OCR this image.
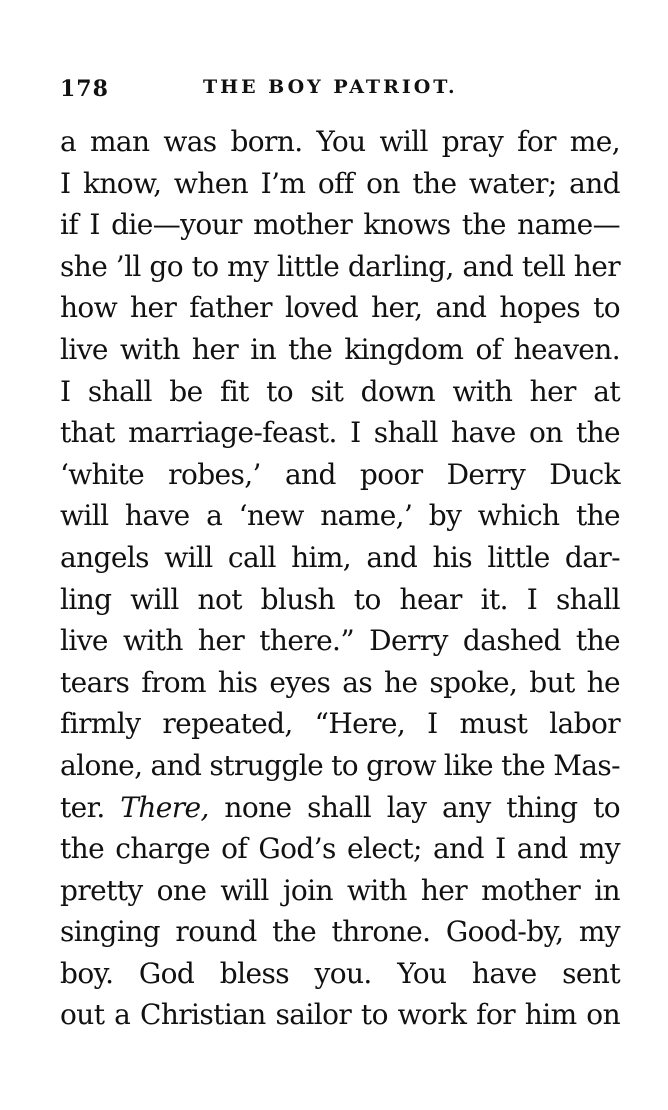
178	THE BOY PATRIOT.
a man was born. You will pray for me,
I know, when I’m off on the water; and
if I die—your mother knows the name—
she ’ll go to my little darling, and tell her
how her father loved her, and hopes to
live with her in the kingdom of heaven.
I shall be fit to sit down with her at
that marriage-feast. I shall have on the
‘white robes,’ and poor Derry Duck
will have a ‘new name,’ by which the
angels will call him, and his little dar-
ling will not blush to hear it. I shall
live with her there.” Derry dashed the
tears from his eyes as he spoke, but he
firmly repeated, “Here, I must labor
alone, and struggle to grow like the Mas-
ter. There, none shall lay any thing to
the charge of God’s elect; and I and my
pretty one will join with her mother in
singing round the throne. Good-by, my
boy. God bless you. You have sent
out a Christian sailor to work for him on
